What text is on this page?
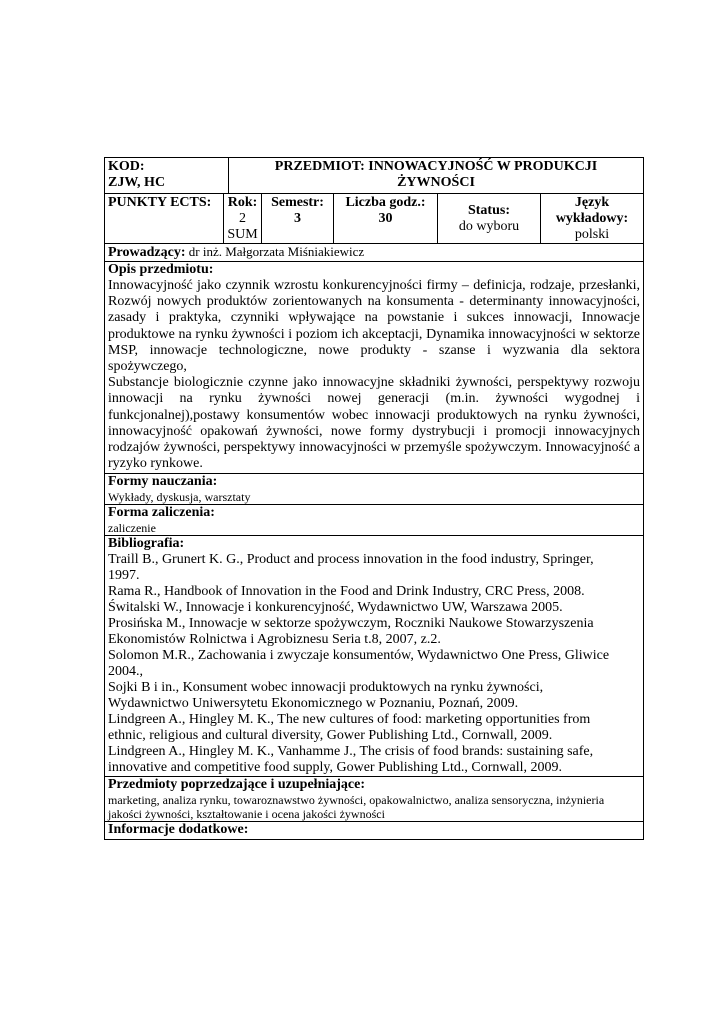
KOD:
ZJW, HC
PRZEDMIOT: INNOWACYJNOŚĆ W PRODUKCJI
ŻYWNOŚCI
PUNKTY ECTS:	Rok:
2
SUM
Semestr:
3
Liczba godz.:
30
Status:
do wyboru
Język
wykładowy:
polski
Prowadzący: dr inż. Małgorzata Miśniakiewicz
Opis przedmiotu:
Innowacyjność jako czynnik wzrostu konkurencyjności firmy – definicja, rodzaje, przesłanki, Rozwój nowych produktów zorientowanych na konsumenta - determinanty innowacyjności, zasady i praktyka, czynniki wpływające na powstanie i sukces innowacji, Innowacje produktowe na rynku żywności i poziom ich akceptacji, Dynamika innowacyjności w sektorze MSP, innowacje technologiczne, nowe produkty - szanse i wyzwania dla sektora spożywczego,
Substancje biologicznie czynne jako innowacyjne składniki żywności, perspektywy rozwoju innowacji na rynku żywności nowej generacji (m.in. żywności wygodnej i funkcjonalnej),postawy konsumentów wobec innowacji produktowych na rynku żywności, innowacyjność opakowań żywności, nowe formy dystrybucji i promocji innowacyjnych rodzajów żywności, perspektywy innowacyjności w przemyśle spożywczym. Innowacyjność a ryzyko rynkowe.
Formy nauczania:
Wykłady, dyskusja, warsztaty
Forma zaliczenia:
zaliczenie
Bibliografia:
Traill B., Grunert K. G., Product and process innovation in the food industry, Springer, 1997.
Rama R., Handbook of Innovation in the Food and Drink Industry, CRC Press, 2008.
Świtalski W., Innowacje i konkurencyjność, Wydawnictwo UW, Warszawa 2005.
Prosińska M., Innowacje w sektorze spożywczym, Roczniki Naukowe Stowarzyszenia Ekonomistów Rolnictwa i Agrobiznesu Seria t.8, 2007, z.2.
Solomon M.R., Zachowania i zwyczaje konsumentów, Wydawnictwo One Press, Gliwice 2004.,
Sojki B i in., Konsument wobec innowacji produktowych na rynku żywności, Wydawnictwo Uniwersytetu Ekonomicznego w Poznaniu, Poznań, 2009.
Lindgreen A., Hingley M. K., The new cultures of food: marketing opportunities from ethnic, religious and cultural diversity, Gower Publishing Ltd., Cornwall, 2009.
Lindgreen A., Hingley M. K., Vanhamme J., The crisis of food brands: sustaining safe, innovative and competitive food supply, Gower Publishing Ltd., Cornwall, 2009.
Przedmioty poprzedzające i uzupełniające:
marketing, analiza rynku, towaroznawstwo żywności, opakowalnictwo, analiza sensoryczna, inżynieria jakości żywności, kształtowanie i ocena jakości żywności
Informacje dodatkowe:
